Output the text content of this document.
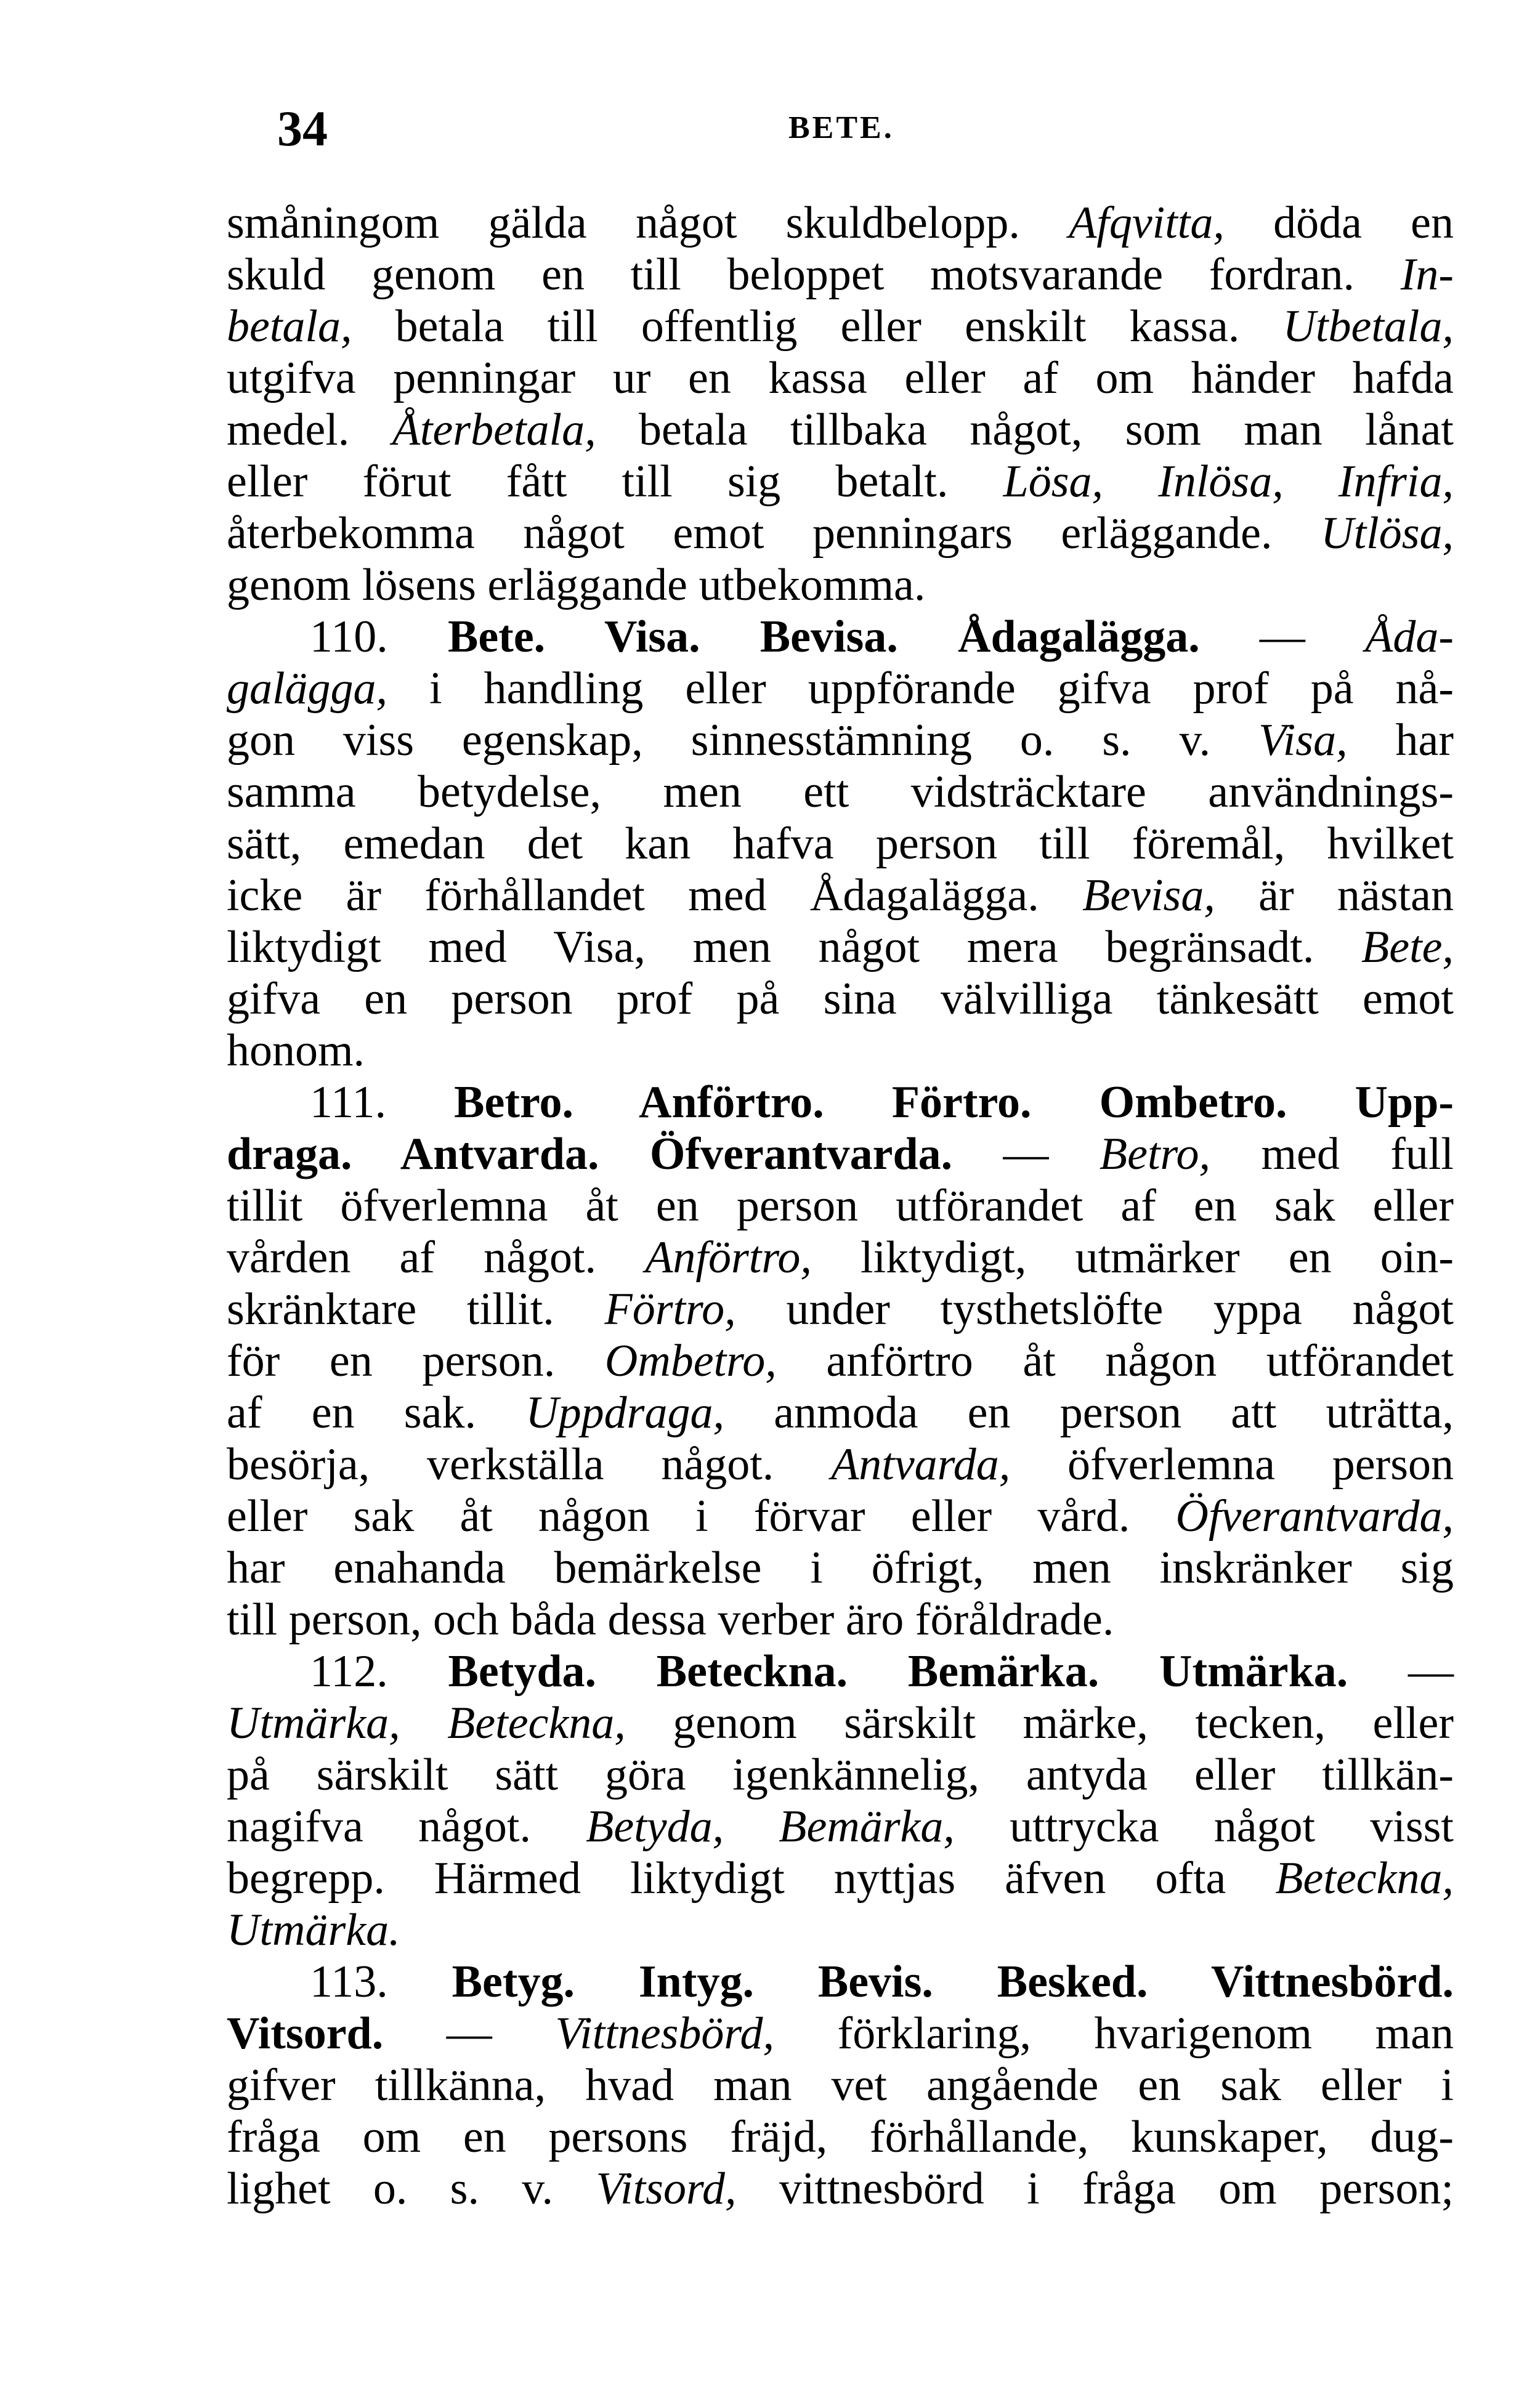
34	BETE.
småningom gälda något skuldbelopp. Afqvitta, döda en
skuld genom en till beloppet motsvarande fordran. In-
betala, betala till offentlig eller enskilt kassa. Utbetala,
utgifva penningar ur en kassa eller af om händer hafda
medel. Återbetala, betala tillbaka något, som man lånat
eller förut fått till sig betalt. Lösa, Inlösa, Infria,
återbekomma något emot penningars erläggande. Utlösa,
genom lösens erläggande utbekomma.
110. Bete. Visa. Bevisa. Ådagalägga. — Åda-
galägga, i handling eller uppförande gifva prof på nå-
gon viss egenskap, sinnesstämning o. s. v. Visa, har
samma betydelse, men ett vidsträcktare användnings-
sätt, emedan det kan hafva person till föremål, hvilket
icke är förhållandet med Ådagalägga. Bevisa, är nästan
liktydigt med Visa, men något mera begränsadt. Bete,
gifva en person prof på sina välvilliga tänkesätt emot
honom.
111. Betro. Anförtro. Förtro. Ombetro. Upp-
draga. Antvarda. Öfverantvarda. — Betro, med full
tillit öfverlemna åt en person utförandet af en sak eller
vården af något. Anförtro, liktydigt, utmärker en oin-
skränktare tillit. Förtro, under tysthetslöfte yppa något
för en person. Ombetro, anförtro åt någon utförandet
af en sak. Uppdraga, anmoda en person att uträtta,
besörja, verkställa något. Antvarda, öfverlemna person
eller sak åt någon i förvar eller vård. Öfverantvarda,
har enahanda bemärkelse i öfrigt, men inskränker sig
till person, och båda dessa verber äro föråldrade.
112. Betyda. Beteckna. Bemärka. Utmärka. —
Utmärka, Beteckna, genom särskilt märke, tecken, eller
på särskilt sätt göra igenkännelig, antyda eller tillkän-
nagifva något. Betyda, Bemärka, uttrycka något visst
begrepp. Härmed liktydigt nyttjas äfven ofta Beteckna,
Utmärka.
113. Betyg. Intyg. Bevis. Besked. Vittnesbörd.
Vitsord. — Vittnesbörd, förklaring, hvarigenom man
gifver tillkänna, hvad man vet angående en sak eller i
fråga om en persons fräjd, förhållande, kunskaper, dug-
lighet o. s. v. Vitsord, vittnesbörd i fråga om person;
